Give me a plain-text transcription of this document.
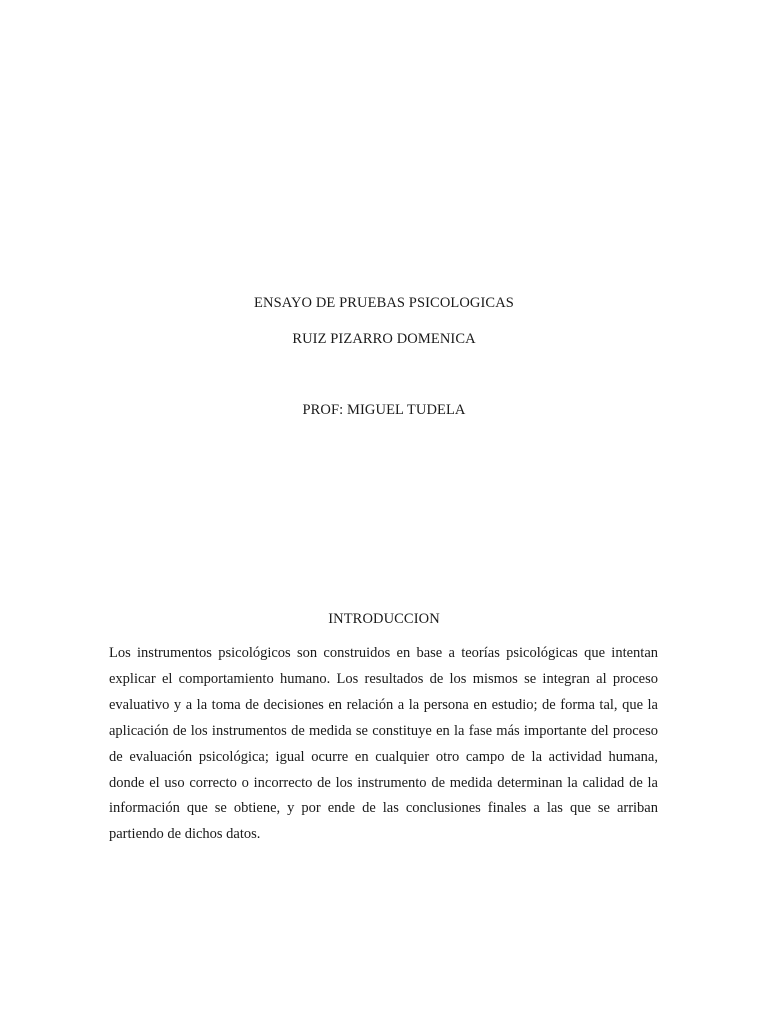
ENSAYO DE PRUEBAS PSICOLOGICAS
RUIZ PIZARRO DOMENICA
PROF: MIGUEL TUDELA
INTRODUCCION

Los instrumentos psicológicos son construidos en base a teorías psicológicas que intentan explicar el comportamiento humano. Los resultados de los mismos se integran al proceso evaluativo y a la toma de decisiones en relación a la persona en estudio; de forma tal, que la aplicación de los instrumentos de medida se constituye en la fase más importante del proceso de evaluación psicológica; igual ocurre en cualquier otro campo de la actividad humana, donde el uso correcto o incorrecto de los instrumento de medida determinan la calidad de la información que se obtiene, y por ende de las conclusiones finales a las que se arriban partiendo de dichos datos.
